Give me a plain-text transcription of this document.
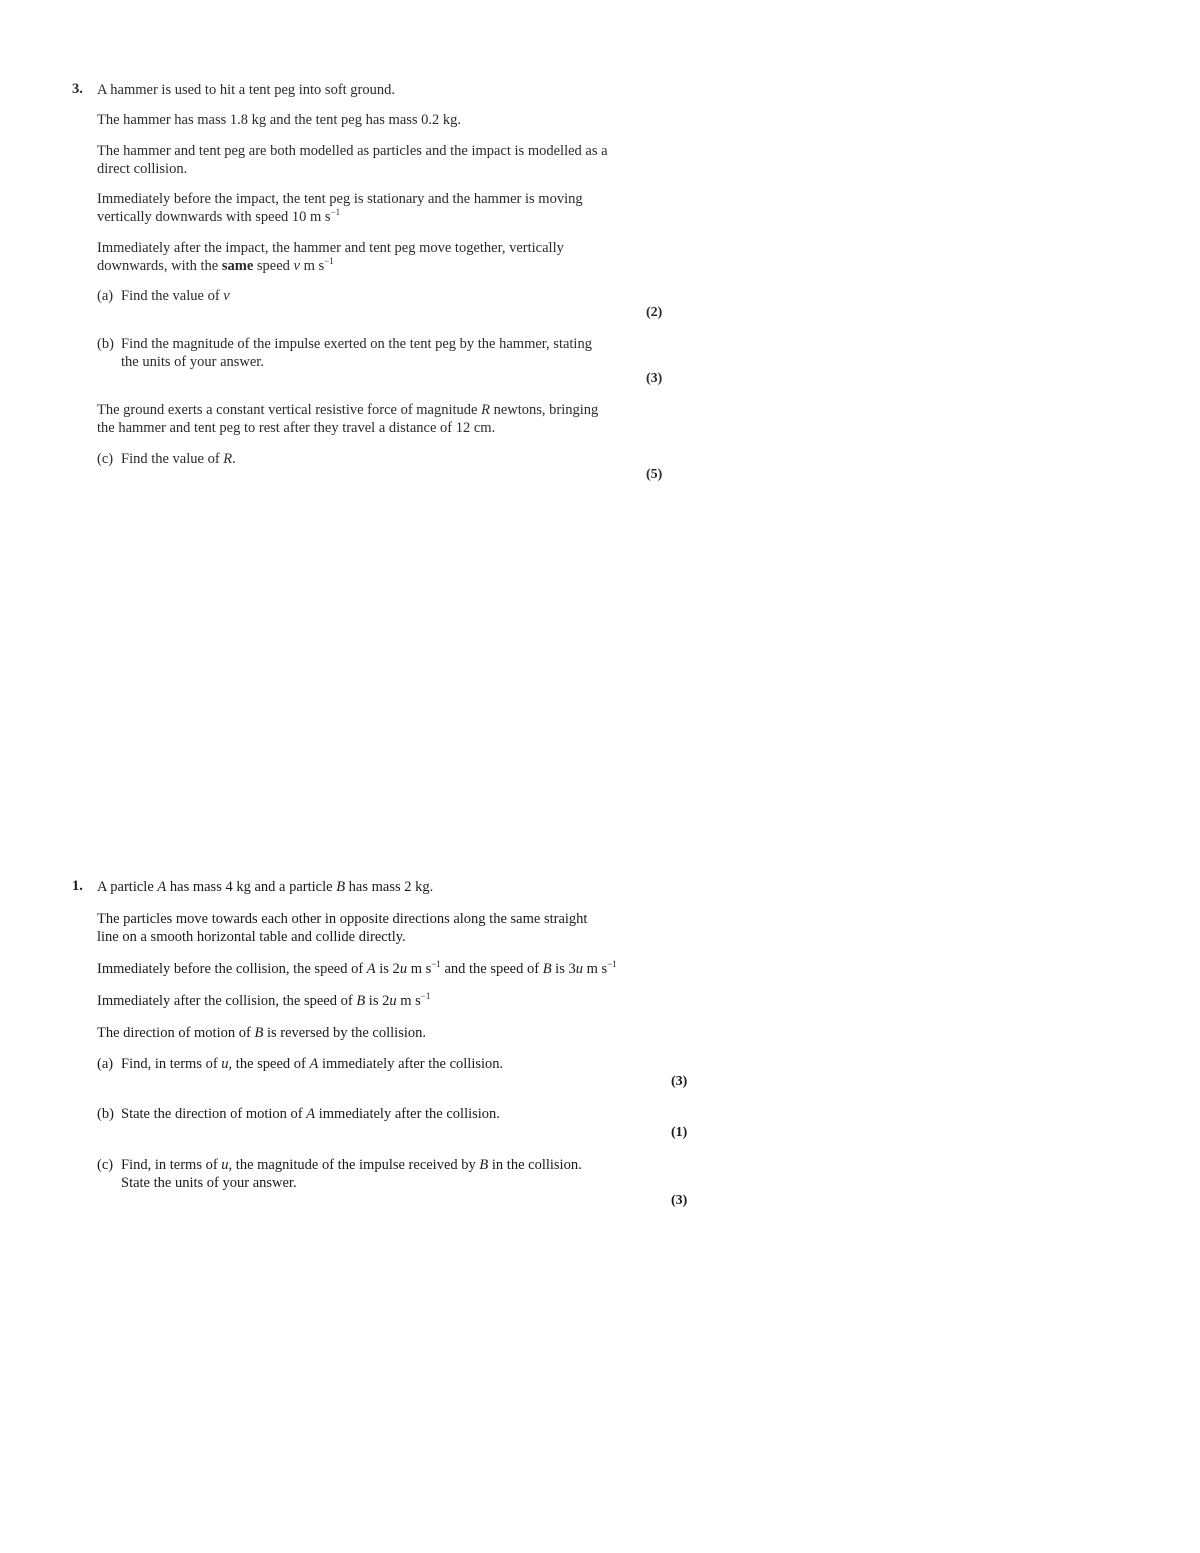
3. A hammer is used to hit a tent peg into soft ground.
The hammer has mass 1.8 kg and the tent peg has mass 0.2 kg.
The hammer and tent peg are both modelled as particles and the impact is modelled as a
direct collision.
Immediately before the impact, the tent peg is stationary and the hammer is moving
vertically downwards with speed 10 m $s^{-1}$
Immediately after the impact, the hammer and tent peg move together, vertically
downwards, with the same speed v m $s^{-1}$
(a) Find the value of v
(2)
(b) Find the magnitude of the impulse exerted on the tent peg by the hammer, stating
the units of your answer.
(3)
The ground exerts a constant vertical resistive force of magnitude R newtons, bringing
the hammer and tent peg to rest after they travel a distance of 12 cm.
(c) Find the value of R.
(5)
1. A particle A has mass 4 kg and a particle B has mass 2 kg.
The particles move towards each other in opposite directions along the same straight
line on a smooth horizontal table and collide directly.
Immediately before the collision, the speed of A is 2u m $s^{-1}$ and the speed of B is 3u m $s^{-1}$
Immediately after the collision, the speed of B is 2u m $s^{-1}$
The direction of motion of B is reversed by the collision.
(a) Find, in terms of u, the speed of A immediately after the collision.
(3)
(b) State the direction of motion of A immediately after the collision.
(1)
(c) Find, in terms of u, the magnitude of the impulse received by B in the collision.
State the units of your answer.
(3)
